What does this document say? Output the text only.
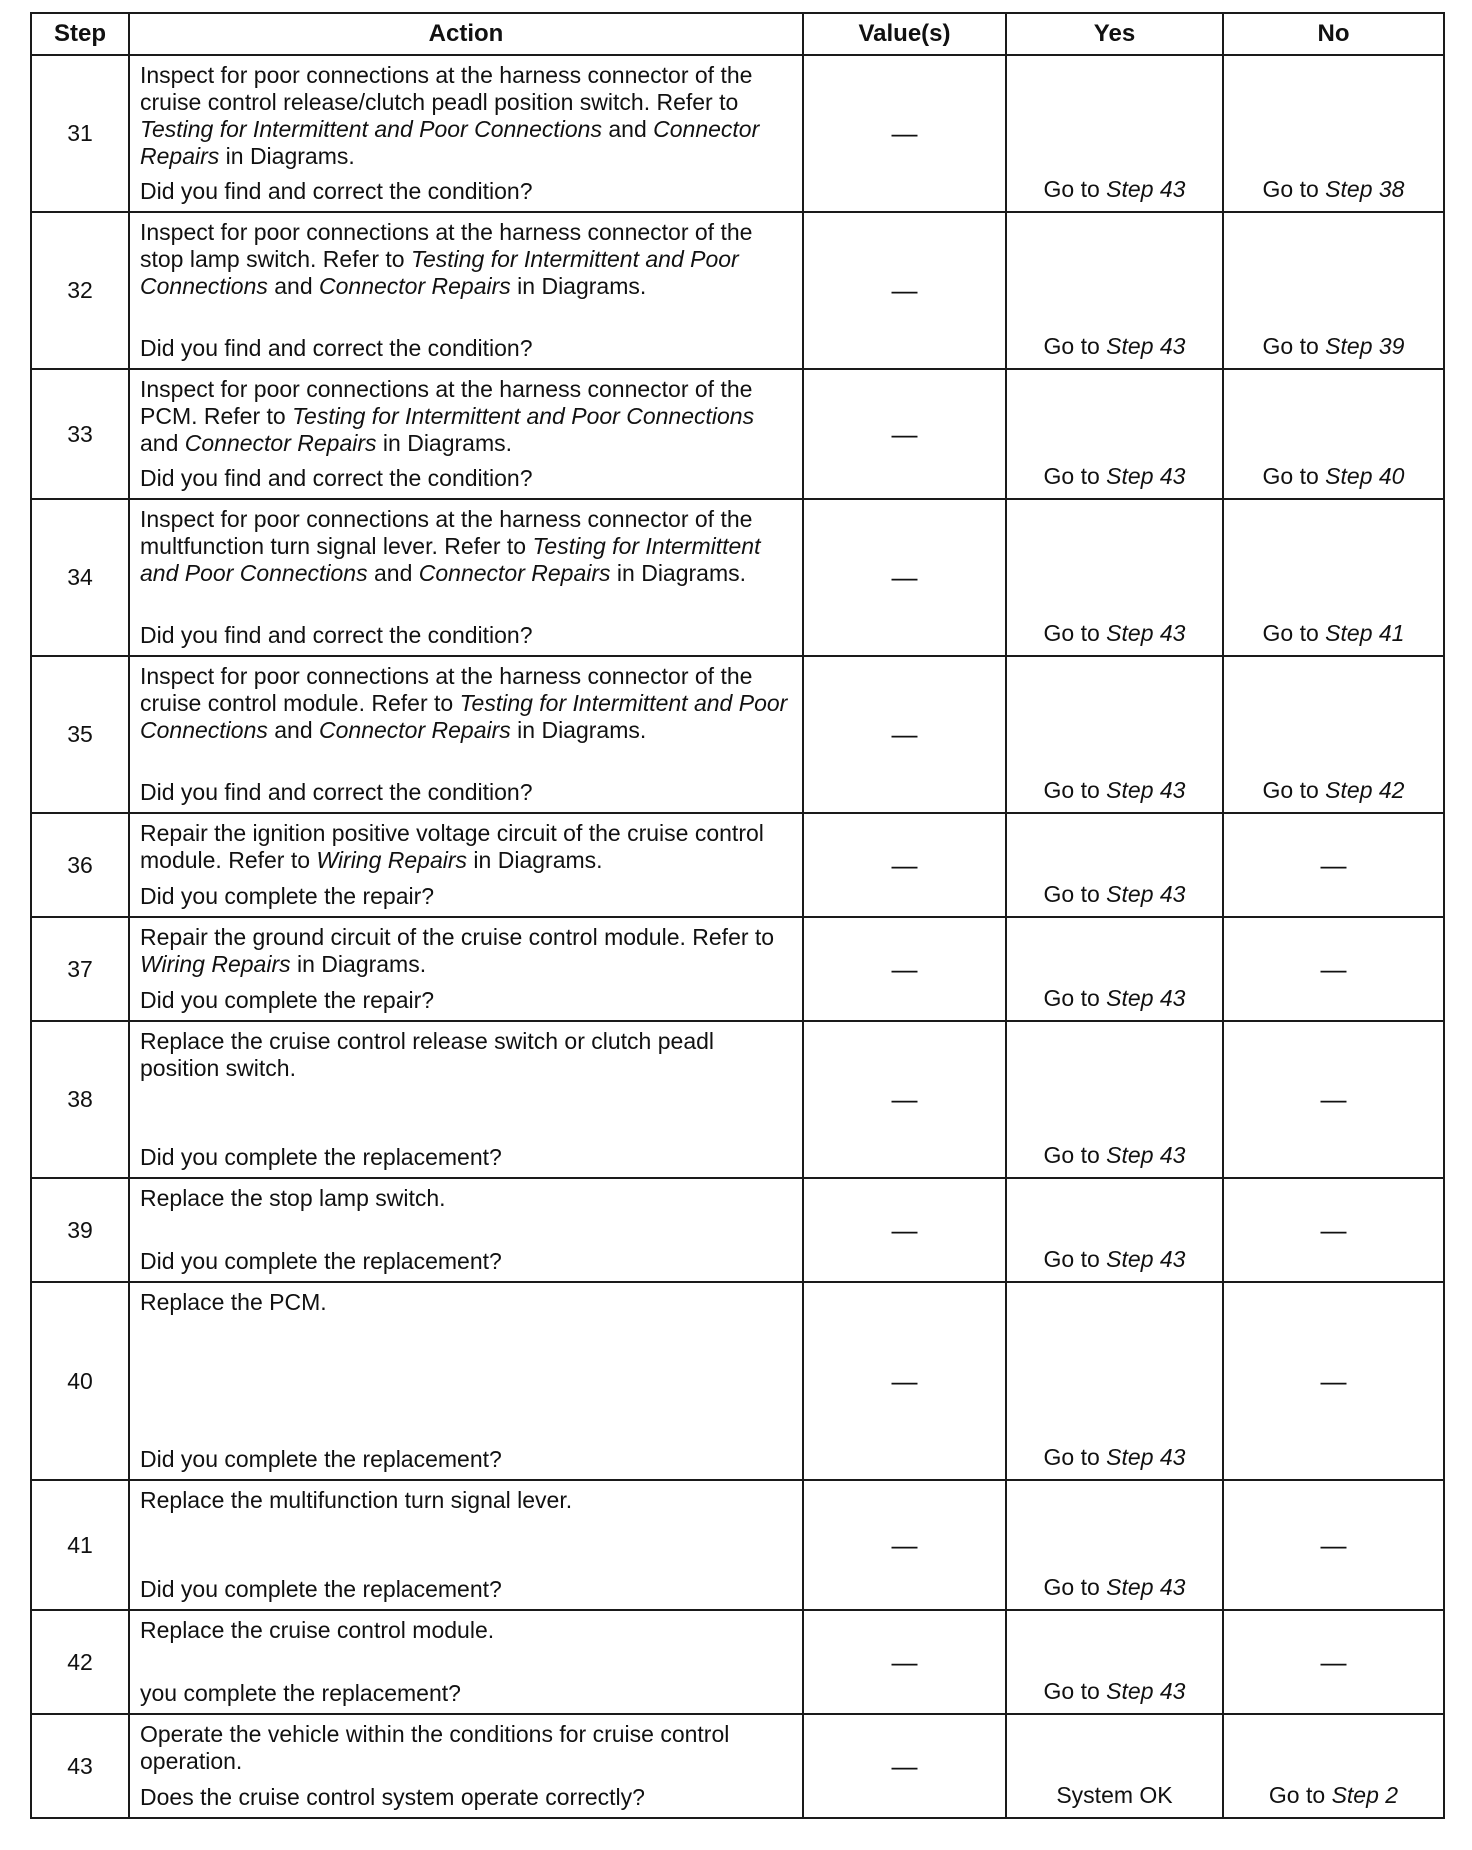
Step	Action	Value(s)	Yes	No
31	Inspect for poor connections at the harness connector of the cruise control release/clutch peadl position switch. Refer to Testing for Intermittent and Poor Connections and Connector Repairs in Diagrams.
Did you find and correct the condition?	—	Go to Step 43	Go to Step 38
32	Inspect for poor connections at the harness connector of the stop lamp switch. Refer to Testing for Intermittent and Poor Connections and Connector Repairs in Diagrams.
Did you find and correct the condition?	—	Go to Step 43	Go to Step 39
33	Inspect for poor connections at the harness connector of the PCM. Refer to Testing for Intermittent and Poor Connections and Connector Repairs in Diagrams.
Did you find and correct the condition?	—	Go to Step 43	Go to Step 40
34	Inspect for poor connections at the harness connector of the multfunction turn signal lever. Refer to Testing for Intermittent and Poor Connections and Connector Repairs in Diagrams.
Did you find and correct the condition?	—	Go to Step 43	Go to Step 41
35	Inspect for poor connections at the harness connector of the cruise control module. Refer to Testing for Intermittent and Poor Connections and Connector Repairs in Diagrams.
Did you find and correct the condition?	—	Go to Step 43	Go to Step 42
36	Repair the ignition positive voltage circuit of the cruise control module. Refer to Wiring Repairs in Diagrams.
Did you complete the repair?	—	Go to Step 43	—
37	Repair the ground circuit of the cruise control module. Refer to Wiring Repairs in Diagrams.
Did you complete the repair?	—	Go to Step 43	—
38	Replace the cruise control release switch or clutch peadl position switch.
Did you complete the replacement?	—	Go to Step 43	—
39	Replace the stop lamp switch.
Did you complete the replacement?	—	Go to Step 43	—
40	Replace the PCM.
Did you complete the replacement?	—	Go to Step 43	—
41	Replace the multifunction turn signal lever.
Did you complete the replacement?	—	Go to Step 43	—
42	Replace the cruise control module.
you complete the replacement?	—	Go to Step 43	—
43	Operate the vehicle within the conditions for cruise control operation.
Does the cruise control system operate correctly?	—	System OK	Go to Step 2
